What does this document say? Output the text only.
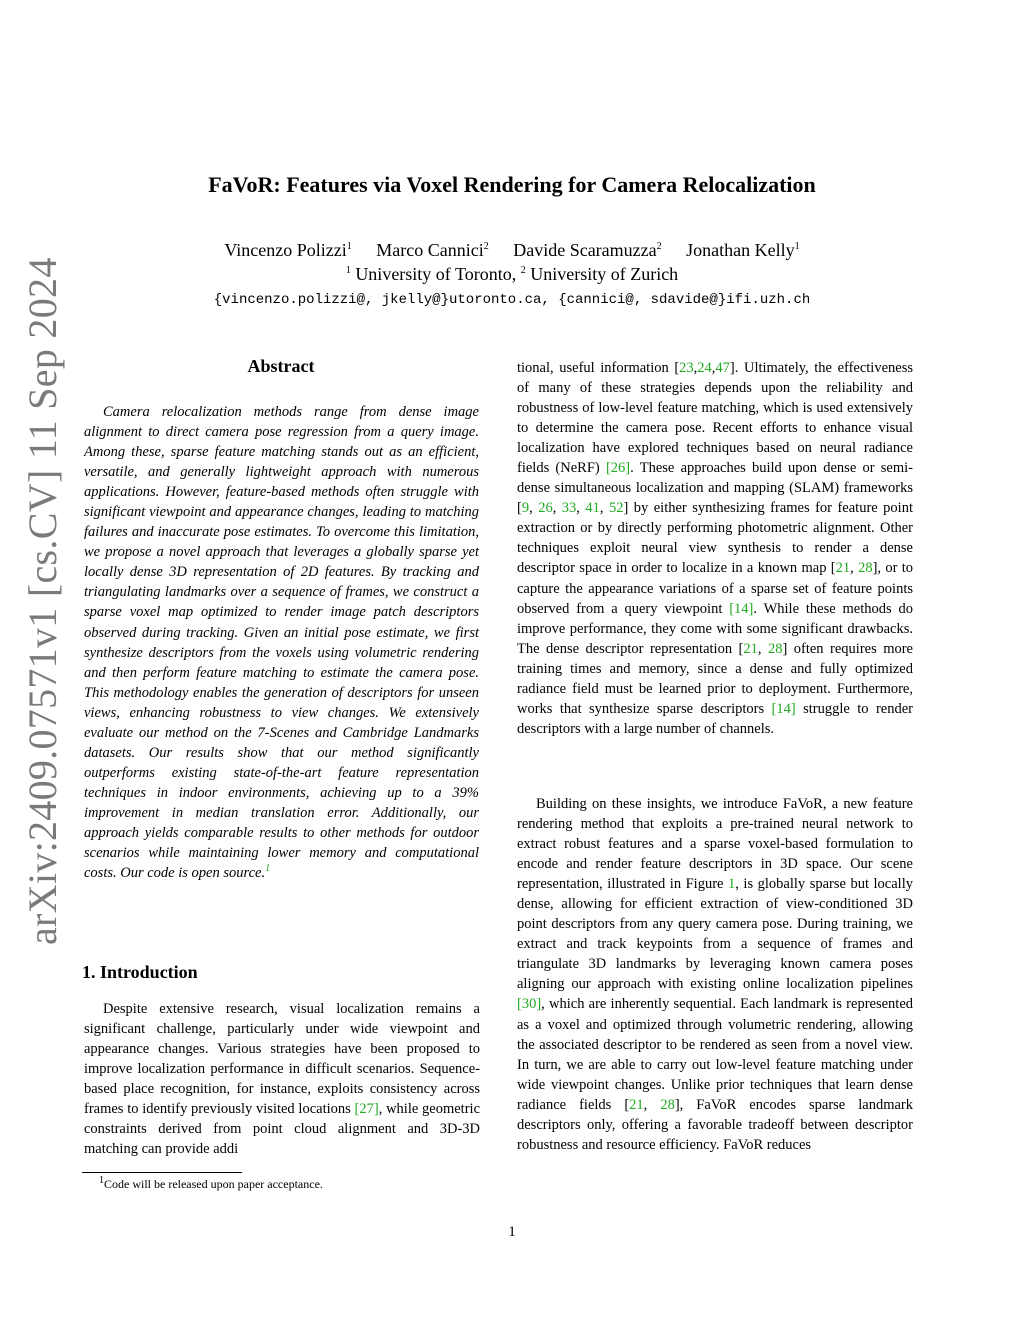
arXiv:2409.07571v1 [cs.CV] 11 Sep 2024
FaVoR: Features via Voxel Rendering for Camera Relocalization
Vincenzo Polizzi$^1$ Marco Cannici$^2$ Davide Scaramuzza$^2$ Jonathan Kelly$^1$
$^1$ University of Toronto, $^2$ University of Zurich
{vincenzo.polizzi@, jkelly@}utoronto.ca, {cannici@, sdavide@}ifi.uzh.ch
Abstract
Camera relocalization methods range from dense image alignment to direct camera pose regression from a query image. Among these, sparse feature matching stands out as an efficient, versatile, and generally lightweight approach with numerous applications. However, feature-based methods often struggle with significant viewpoint and appearance changes, leading to matching failures and inaccurate pose estimates. To overcome this limitation, we propose a novel approach that leverages a globally sparse yet locally dense 3D representation of 2D features. By tracking and triangulating landmarks over a sequence of frames, we construct a sparse voxel map optimized to render image patch descriptors observed during tracking. Given an initial pose estimate, we first synthesize descriptors from the voxels using volumetric rendering and then perform feature matching to estimate the camera pose. This methodology enables the generation of descriptors for unseen views, enhancing robustness to view changes. We extensively evaluate our method on the 7-Scenes and Cambridge Landmarks datasets. Our results show that our method significantly outperforms existing state-of-the-art feature representation techniques in indoor environments, achieving up to a 39% improvement in median translation error. Additionally, our approach yields comparable results to other methods for outdoor scenarios while maintaining lower memory and computational costs. Our code is open source.$^1$
1. Introduction
Despite extensive research, visual localization remains a significant challenge, particularly under wide viewpoint and appearance changes. Various strategies have been proposed to improve localization performance in difficult scenarios. Sequence-based place recognition, for instance, exploits consistency across frames to identify previously visited locations [27], while geometric constraints derived from point cloud alignment and 3D-3D matching can provide addi
tional, useful information [23,24,47]. Ultimately, the effectiveness of many of these strategies depends upon the reliability and robustness of low-level feature matching, which is used extensively to determine the camera pose. Recent efforts to enhance visual localization have explored techniques based on neural radiance fields (NeRF) [26]. These approaches build upon dense or semi-dense simultaneous localization and mapping (SLAM) frameworks [9, 26, 33, 41, 52] by either synthesizing frames for feature point extraction or by directly performing photometric alignment. Other techniques exploit neural view synthesis to render a dense descriptor space in order to localize in a known map [21, 28], or to capture the appearance variations of a sparse set of feature points observed from a query viewpoint [14]. While these methods do improve performance, they come with some significant drawbacks. The dense descriptor representation [21, 28] often requires more training times and memory, since a dense and fully optimized radiance field must be learned prior to deployment. Furthermore, works that synthesize sparse descriptors [14] struggle to render descriptors with a large number of channels.
Building on these insights, we introduce FaVoR, a new feature rendering method that exploits a pre-trained neural network to extract robust features and a sparse voxel-based formulation to encode and render feature descriptors in 3D space. Our scene representation, illustrated in Figure 1, is globally sparse but locally dense, allowing for efficient extraction of view-conditioned 3D point descriptors from any query camera pose. During training, we extract and track keypoints from a sequence of frames and triangulate 3D landmarks by leveraging known camera poses aligning our approach with existing online localization pipelines [30], which are inherently sequential. Each landmark is represented as a voxel and optimized through volumetric rendering, allowing the associated descriptor to be rendered as seen from a novel view. In turn, we are able to carry out low-level feature matching under wide viewpoint changes. Unlike prior techniques that learn dense radiance fields [21, 28], FaVoR encodes sparse landmark descriptors only, offering a favorable tradeoff between descriptor robustness and resource efficiency. FaVoR reduces
$^1$Code will be released upon paper acceptance.
1
